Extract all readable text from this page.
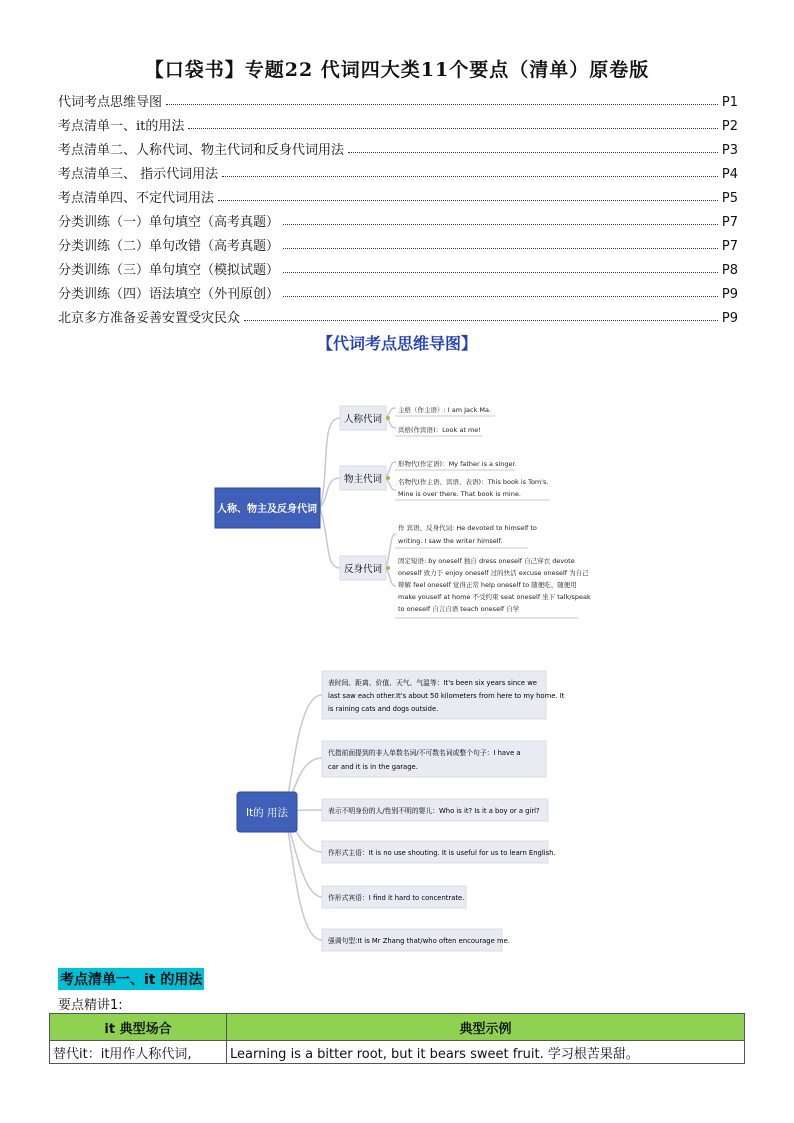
【口袋书】专题22 代词四大类11个要点（清单）原卷版
代词考点思维导图	P1
考点清单一、it的用法	P2
考点清单二、人称代词、物主代词和反身代词用法	P3
考点清单三、 指示代词用法	P4
考点清单四、不定代词用法	P5
分类训练（一）单句填空（高考真题）	P7
分类训练（二）单句改错（高考真题）	P7
分类训练（三）单句填空（模拟试题）	P8
分类训练（四）语法填空（外刊原创）	P9
北京多方准备妥善安置受灾民众	P9
【代词考点思维导图】
人称、物主及反身代词
人称代词
物主代词
反身代词
主格（作主语）: I am Jack Ma.
宾格(作宾语)：Look at me!
形物代(作定语)：My father is a singer.
名物代(作主语、宾语、表语)：This book is Tom's.
Mine is over there. That book is mine.
作 宾语、反身代词: He devoted to himself to
writing. I saw the writer himself.
固定短语: by oneself 独自 dress oneself 自己穿衣 devote
oneself 致力于 enjoy oneself 过的快活 excuse oneself 为自己
辩解 feel oneself 觉得正常 help oneself to 随便吃、随便用
make youself at home 不受约束 seat oneself 坐下 talk/speak
to oneself 自言自语 teach oneself 自学
It的 用法
表时间、距离、价值、天气、气温等：It's been six years since we
last saw each other.It's about 50 kilometers from here to my home. It
is raining cats and dogs outside.
代指前面提到的非人单数名词/不可数名词或整个句子：I have a
car and it is in the garage.
表示不明身份的人/性别不明的婴儿：Who is it? Is it a boy or a girl?
作形式主语：It is no use shouting. It is useful for us to learn English.
作形式宾语：I find it hard to concentrate.
强调句型:It is Mr Zhang that/who often encourage me.
考点清单一、it 的用法
要点精讲1:
it 典型场合	典型示例
替代it：it用作人称代词,	Learning is a bitter root, but it bears sweet fruit. 学习根苦果甜。
